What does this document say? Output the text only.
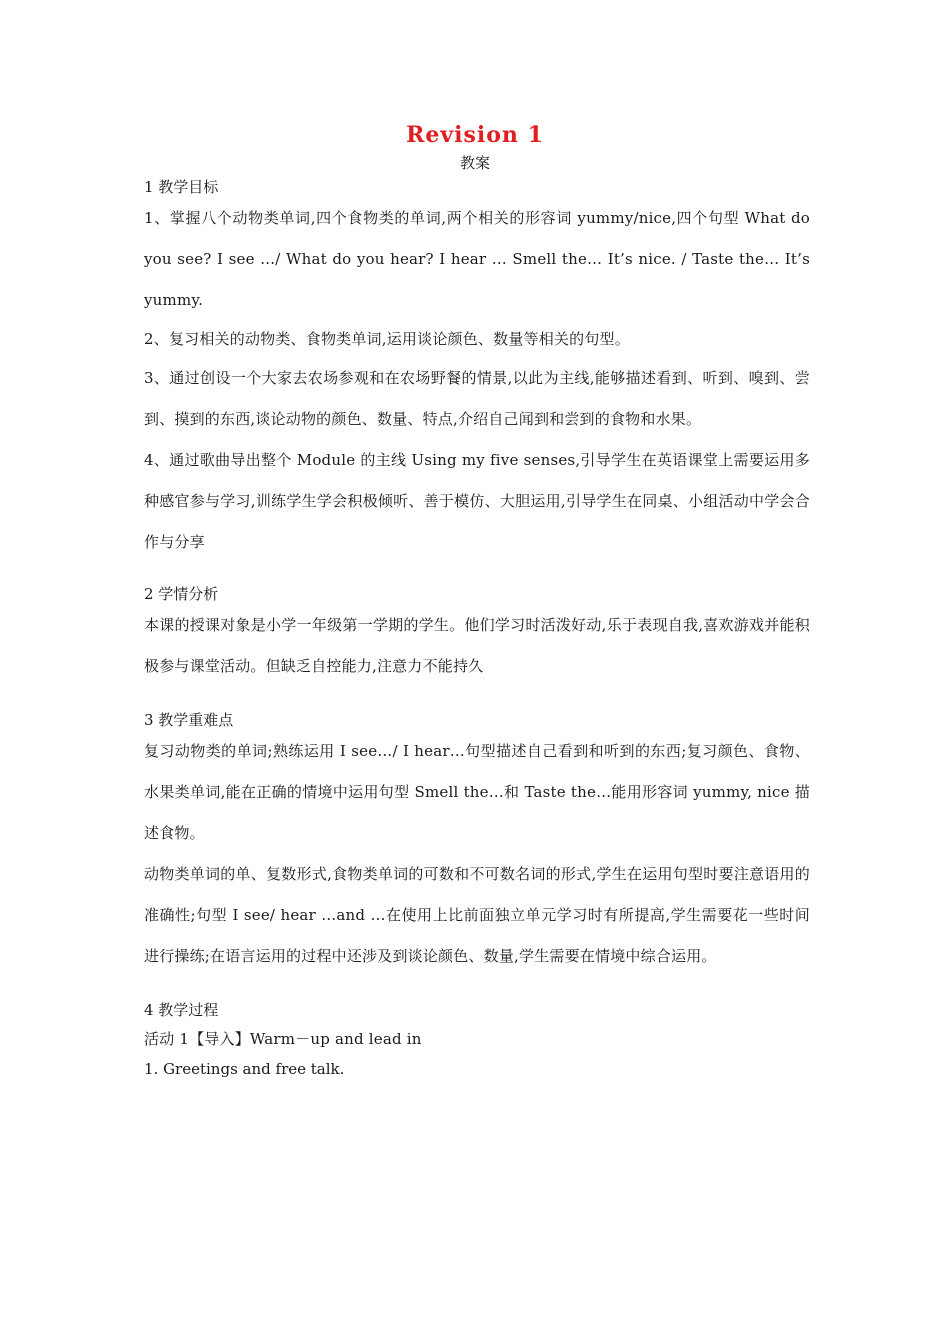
Revision 1
教案
1 教学目标
1、掌握八个动物类单词,四个食物类的单词,两个相关的形容词 yummy/nice,四个句型 What do you see? I see …/ What do you hear? I hear … Smell the… It’s nice. / Taste the… It’s yummy.
2、复习相关的动物类、食物类单词,运用谈论颜色、数量等相关的句型。
3、通过创设一个大家去农场参观和在农场野餐的情景,以此为主线,能够描述看到、听到、嗅到、尝到、摸到的东西,谈论动物的颜色、数量、特点,介绍自己闻到和尝到的食物和水果。
4、通过歌曲导出整个 Module 的主线 Using my five senses,引导学生在英语课堂上需要运用多种感官参与学习,训练学生学会积极倾听、善于模仿、大胆运用,引导学生在同桌、小组活动中学会合作与分享
2 学情分析
本课的授课对象是小学一年级第一学期的学生。他们学习时活泼好动,乐于表现自我,喜欢游戏并能积极参与课堂活动。但缺乏自控能力,注意力不能持久
3 教学重难点
复习动物类的单词;熟练运用 I see…/ I hear…句型描述自己看到和听到的东西;复习颜色、食物、水果类单词,能在正确的情境中运用句型 Smell the…和 Taste the…能用形容词 yummy, nice 描述食物。
动物类单词的单、复数形式,食物类单词的可数和不可数名词的形式,学生在运用句型时要注意语用的准确性;句型 I see/ hear …and …在使用上比前面独立单元学习时有所提高,学生需要花一些时间进行操练;在语言运用的过程中还涉及到谈论颜色、数量,学生需要在情境中综合运用。
4 教学过程
活动 1【导入】Warm－up and lead in
1. Greetings and free talk.
